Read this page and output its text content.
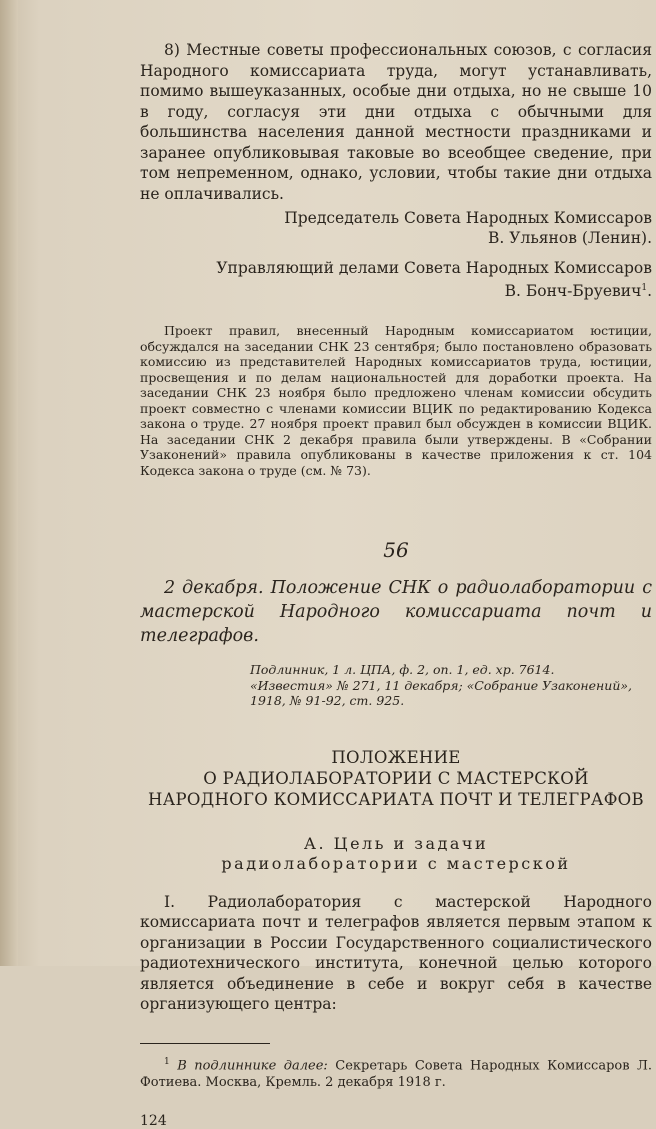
8) Местные советы профессиональных союзов, с согласия Народного комиссариата труда, могут устанавливать, помимо вышеуказанных, особые дни отдыха, но не свыше 10 в году, согласуя эти дни отдыха с обычными для большинства населения данной местности праздниками и заранее опубликовывая таковые во всеобщее сведение, при том непременном, однако, условии, чтобы такие дни отдыха не оплачивались.

Председатель Совета Народных Комиссаров

В. Ульянов (Ленин).

Управляющий делами Совета Народных Комиссаров

В. Бонч-Бруевич$^1$.

Проект правил, внесенный Народным комиссариатом юстиции, обсуждался на заседании СНК 23 сентября; было постановлено образовать комиссию из представителей Народных комиссариатов труда, юстиции, просвещения и по делам национальностей для доработки проекта. На заседании СНК 23 ноября было предложено членам комиссии обсудить проект совместно с членами комиссии ВЦИК по редактированию Кодекса закона о труде. 27 ноября проект правил был обсужден в комиссии ВЦИК. На заседании СНК 2 декабря правила были утверждены. В «Собрании Узаконений» правила опубликованы в качестве приложения к ст. 104 Кодекса закона о труде (см. № 73).

56

2 декабря. Положение СНК о радиолаборатории с мастерской Народного комиссариата почт и телеграфов.

Подлинник, 1 л. ЦПА, ф. 2, оп. 1, ед. хр. 7614.

«Известия» № 271, 11 декабря; «Собрание Узаконений», 1918, № 91-92, ст. 925.

ПОЛОЖЕНИЕ

О РАДИОЛАБОРАТОРИИ С МАСТЕРСКОЙ

НАРОДНОГО КОМИССАРИАТА ПОЧТ И ТЕЛЕГРАФОВ

А. Цель и задачи

радиолаборатории с мастерской

I. Радиолаборатория с мастерской Народного комиссариата почт и телеграфов является первым этапом к организации в России Государственного социалистического радиотехнического института, конечной целью которого является объединение в себе и вокруг себя в качестве организующего центра:

$^1$ В подлиннике далее: Секретарь Совета Народных Комиссаров Л. Фотиева. Москва, Кремль. 2 декабря 1918 г.

124
